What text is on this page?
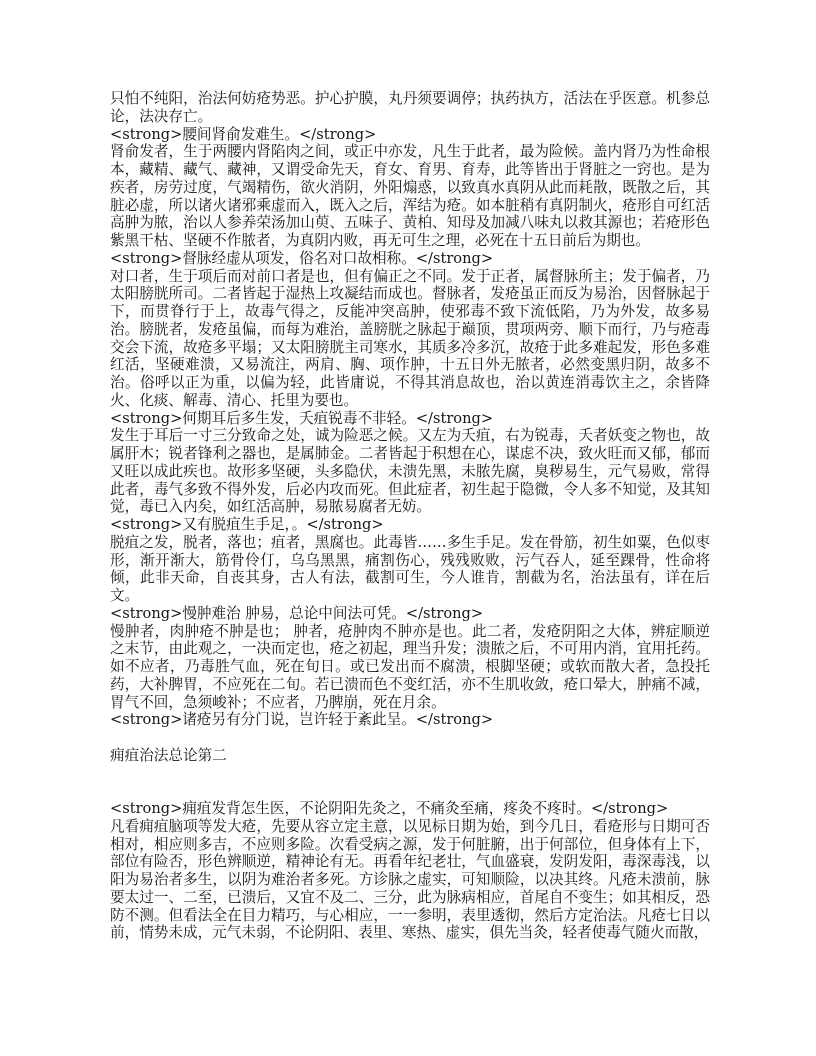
只怕不纯阳，治法何妨疮势恶。护心护膜，丸丹须要调停；执药执方，活法在乎医意。机参总论，法决存亡。

<strong>腰间肾俞发难生。</strong>

肾俞发者，生于两腰内肾陷肉之间，或正中亦发，凡生于此者，最为险候。盖内肾乃为性命根本，藏精、藏气、藏神，又谓受命先天，育女、育男、育寿，此等皆出于肾脏之一窍也。是为疾者，房劳过度，气竭精伤，欲火消阴，外阳煽惑，以致真水真阴从此而耗散，既散之后，其脏必虚，所以诸火诸邪乘虚而入，既入之后，浑结为疮。如本脏稍有真阴制火，疮形自可红活高肿为脓，治以人参养荣汤加山萸、五味子、黄柏、知母及加减八味丸以救其源也；若疮形色紫黑干枯、坚硬不作脓者，为真阴内败，再无可生之理，必死在十五日前后为期也。

<strong>督脉经虚从项发，俗名对口故相称。</strong>

对口者，生于项后而对前口者是也，但有偏正之不同。发于正者，属督脉所主；发于偏者，乃太阳膀胱所司。二者皆起于湿热上攻凝结而成也。督脉者，发疮虽正而反为易治，因督脉起于下，而贯脊行于上，故毒气得之，反能冲突高肿，使邪毒不致下流低陷，乃为外发，故多易治。膀胱者，发疮虽偏，而每为难治，盖膀胱之脉起于巅顶，贯项两旁、顺下而行，乃与疮毒交会下流，故疮多平塌；又太阳膀胱主司寒水，其质多冷多沉，故疮于此多难起发，形色多难红活，坚硬难溃，又易流注，两肩、胸、项作肿，十五日外无脓者，必然变黑归阴，故多不治。俗呼以正为重，以偏为轻，此皆庸说，不得其消息故也，治以黄连消毒饮主之，余皆降火、化痰、解毒、清心、托里为要也。

<strong>何期耳后多生发，夭疽锐毒不非轻。</strong>

发生于耳后一寸三分致命之处，诚为险恶之候。又左为夭疽，右为锐毒，夭者妖变之物也，故属肝木；锐者锋利之器也，是属肺金。二者皆起于积想在心，谋虑不决，致火旺而又郁，郁而又旺以成此疾也。故形多坚硬，头多隐伏，未溃先黑，未脓先腐，臭秽易生，元气易败，常得此者，毒气多致不得外发，后必内攻而死。但此症者，初生起于隐微，令人多不知觉，及其知觉，毒已入内矣，如红活高肿，易脓易腐者无妨。

<strong>又有脱疽生手足，。</strong>

脱疽之发，脱者，落也；疽者，黑腐也。此毒皆……多生手足。发在骨筋，初生如粟，色似枣形，渐开渐大，筋骨伶仃，乌乌黑黑，痛割伤心，残残败败，污气吞人，延至踝骨，性命将倾，此非天命，自丧其身，古人有法，截割可生，今人谁肯，割截为名，治法虽有，详在后文。

<strong>慢肿难治 肿易，总论中间法可凭。</strong>

慢肿者，肉肿疮不肿是也； 肿者，疮肿肉不肿亦是也。此二者，发疮阴阳之大体，辨症顺逆之末节，由此观之，一决而定也，疮之初起，理当升发；溃脓之后，不可用内消，宜用托药。如不应者，乃毒胜气血，死在旬日。或已发出而不腐溃，根脚坚硬；或软而散大者，急投托药，大补脾胃，不应死在二旬。若已溃而色不变红活，亦不生肌收敛，疮口晕大，肿痛不减，胃气不回，急须峻补；不应者，乃脾崩，死在月余。

<strong>诸疮另有分门说，岂许轻于紊此呈。</strong>

痈疽治法总论第二

<strong>痈疽发背怎生医，不论阴阳先灸之，不痛灸至痛，疼灸不疼时。</strong>

凡看痈疽脑项等发大疮，先要从容立定主意，以见标日期为始，到今几日，看疮形与日期可否相对，相应则多吉，不应则多险。次看受病之源，发于何脏腑，出于何部位，但身体有上下，部位有险否，形色辨顺逆，精神论有无。再看年纪老壮，气血盛衰，发阴发阳，毒深毒浅，以阳为易治者多生，以阴为难治者多死。方诊脉之虚实，可知顺险，以决其终。凡疮未溃前，脉要太过一、二至，已溃后，又宜不及二、三分，此为脉病相应，首尾自不变生；如其相反，恐防不测。但看法全在目力精巧，与心相应，一一参明，表里透彻，然后方定治法。凡疮七日以前，情势未成，元气未弱，不论阴阳、表里、寒热、虚实，俱先当灸，轻者使毒气随火而散，
